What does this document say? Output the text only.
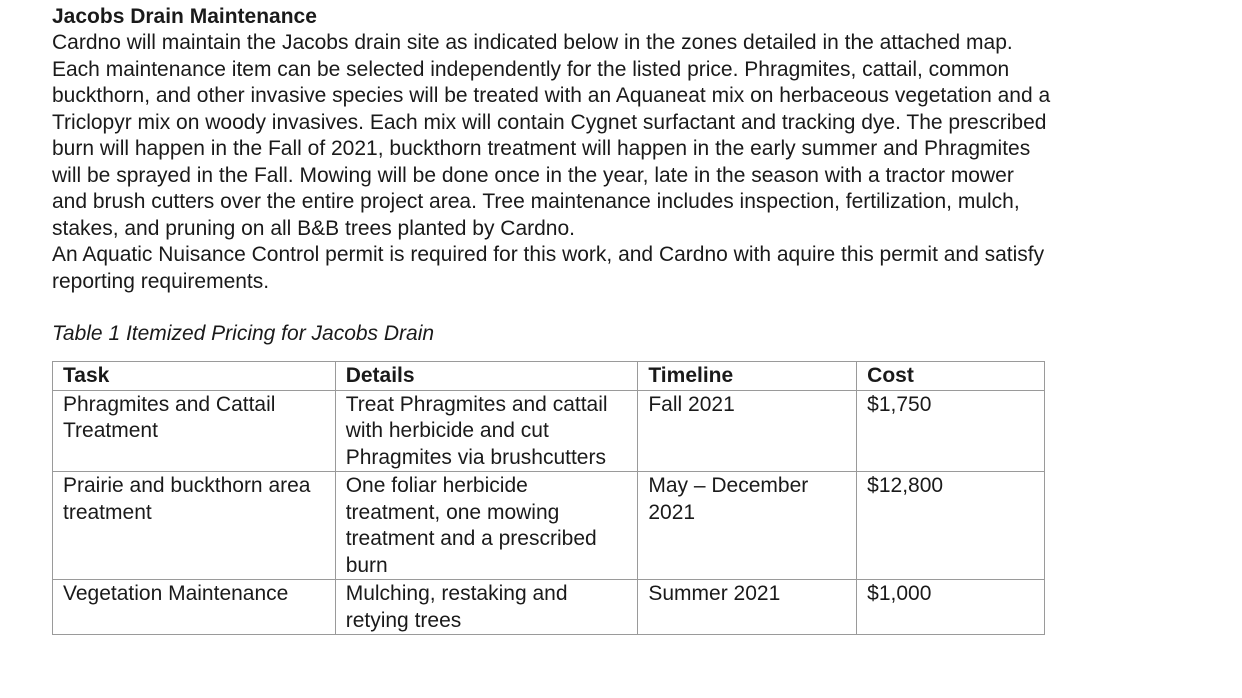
Jacobs Drain Maintenance

Cardno will maintain the Jacobs drain site as indicated below in the zones detailed in the attached map. Each maintenance item can be selected independently for the listed price. Phragmites, cattail, common buckthorn, and other invasive species will be treated with an Aquaneat mix on herbaceous vegetation and a Triclopyr mix on woody invasives. Each mix will contain Cygnet surfactant and tracking dye. The prescribed burn will happen in the Fall of 2021, buckthorn treatment will happen in the early summer and Phragmites will be sprayed in the Fall. Mowing will be done once in the year, late in the season with a tractor mower and brush cutters over the entire project area. Tree maintenance includes inspection, fertilization, mulch, stakes, and pruning on all B&B trees planted by Cardno.

An Aquatic Nuisance Control permit is required for this work, and Cardno with aquire this permit and satisfy reporting requirements.

Table 1 Itemized Pricing for Jacobs Drain
Task	Details	Timeline	Cost
Phragmites and Cattail Treatment	Treat Phragmites and cattail with herbicide and cut Phragmites via brushcutters	Fall 2021	$1,750
Prairie and buckthorn area treatment	One foliar herbicide treatment, one mowing treatment and a prescribed burn	May – December 2021	$12,800
Vegetation Maintenance	Mulching, restaking and retying trees	Summer 2021	$1,000
